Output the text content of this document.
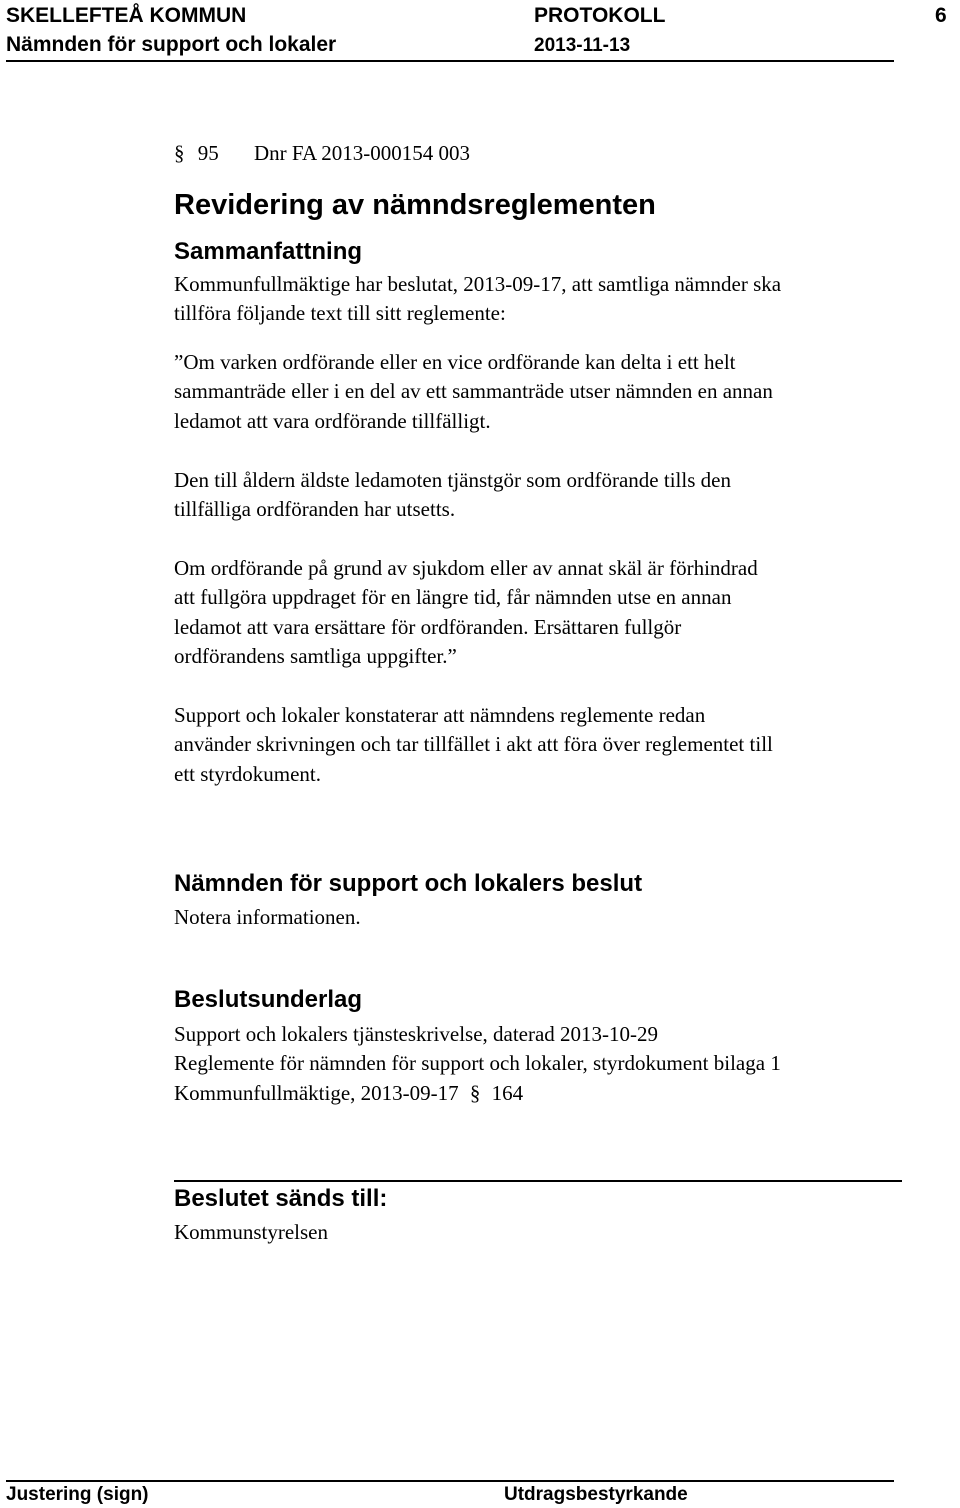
SKELLEFTEÅ KOMMUN	PROTOKOLL	6
Nämnden för support och lokaler	2013-11-13
§ 95 Dnr FA 2013-000154 003
Revidering av nämndsreglementen
Sammanfattning
Kommunfullmäktige har beslutat, 2013-09-17, att samtliga nämnder ska
tillföra följande text till sitt reglemente:
”Om varken ordförande eller en vice ordförande kan delta i ett helt
sammanträde eller i en del av ett sammanträde utser nämnden en annan
ledamot att vara ordförande tillfälligt.
Den till åldern äldste ledamoten tjänstgör som ordförande tills den
tillfälliga ordföranden har utsetts.
Om ordförande på grund av sjukdom eller av annat skäl är förhindrad
att fullgöra uppdraget för en längre tid, får nämnden utse en annan
ledamot att vara ersättare för ordföranden. Ersättaren fullgör
ordförandens samtliga uppgifter.”
Support och lokaler konstaterar att nämndens reglemente redan
använder skrivningen och tar tillfället i akt att föra över reglementet till
ett styrdokument.
Nämnden för support och lokalers beslut
Notera informationen.
Beslutsunderlag
Support och lokalers tjänsteskrivelse, daterad 2013-10-29
Reglemente för nämnden för support och lokaler, styrdokument bilaga 1
Kommunfullmäktige, 2013-09-17 § 164
Beslutet sänds till:
Kommunstyrelsen
Justering (sign)	Utdragsbestyrkande
